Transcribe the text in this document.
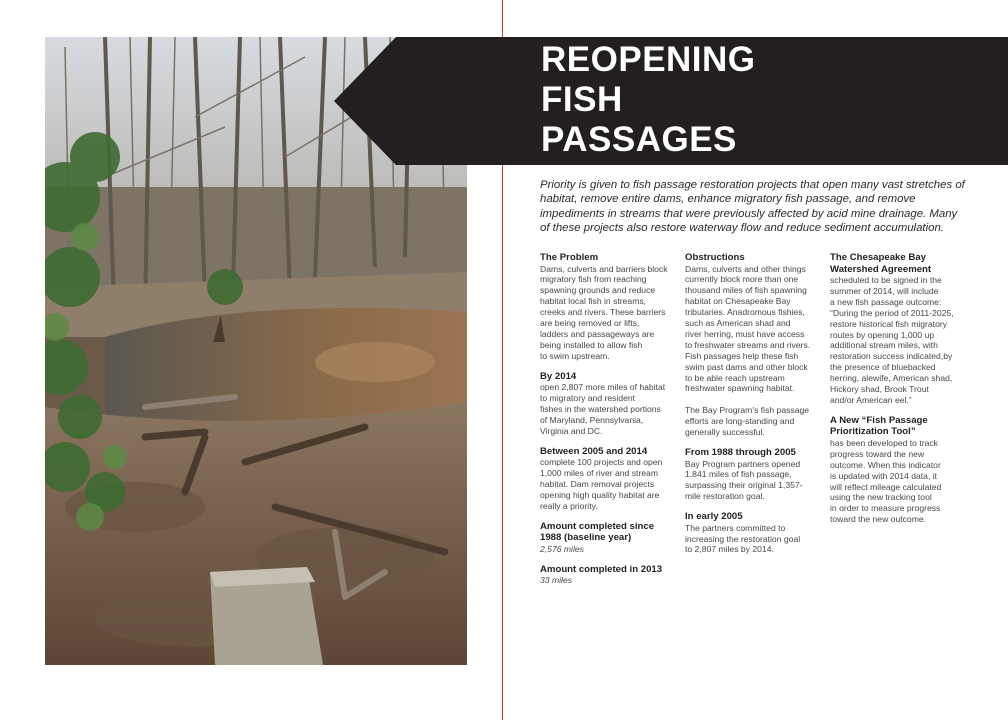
REOPENING
FISH
PASSAGES

Priority is given to fish passage restoration projects that open many vast stretches of habitat, remove entire dams, enhance migratory fish passage, and remove impediments in streams that were previously affected by acid mine drainage. Many of these projects also restore waterway flow and reduce sediment accumulation.

The Problem

Dams, culverts and barriers block
migratory fish from reaching
spawning grounds and reduce
habitat local fish in streams,
creeks and rivers. These barriers
are being removed or lifts,
ladders and passageways are
being installed to allow fish
to swim upstream.

By 2014

open 2,807 more miles of habitat
to migratory and resident
fishes in the watershed portions
of Maryland, Pennsylvania,
Virginia and DC.

Between 2005 and 2014

complete 100 projects and open
1,000 miles of river and stream
habitat. Dam removal projects
opening high quality habitat are
really a priority.

Amount completed since 1988 (baseline year)

2,576 miles

Amount completed in 2013

33 miles

Obstructions

Dams, culverts and other things
currently block more than one
thousand miles of fish spawning
habitat on Chesapeake Bay
tributaries. Anadromous fishies,
such as American shad and
river herring, must have access
to freshwater streams and rivers.
Fish passages help these fish
swim past dams and other block
to be able reach upstream
freshwater spawning habitat.

The Bay Program’s fish passage
efforts are long-standing and
generally successful.

From 1988 through 2005

Bay Program partners opened
1,841 miles of fish passage,
surpassing their original 1,357-
mile restoration goal.

In early 2005

The partners committed to
increasing the restoration goal
to 2,807 miles by 2014.

The Chesapeake Bay Watershed Agreement

scheduled to be signed in the
summer of 2014, will include
a new fish passage outcome:
“During the period of 2011-2025,
restore historical fish migratory
routes by opening 1,000 up
additional stream miles, with
restoration success indicated,by
the presence of bluebacked
herring, alewife, American shad,
Hickory shad, Brook Trout
and/or American eel.”

A New “Fish Passage Prioritization Tool”

has been developed to track
progress toward the new
outcome. When this indicator
is updated with 2014 data, it
will reflect mileage calculated
using the new tracking tool
in order to measure progress
toward the new outcome.
